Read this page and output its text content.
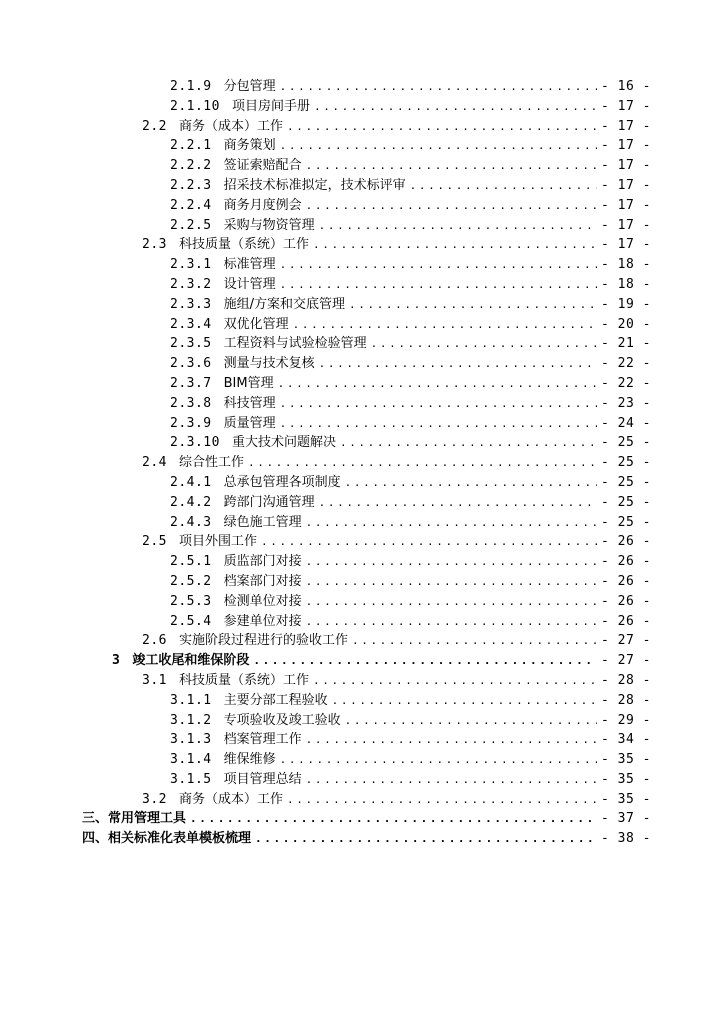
2.1.9 分包管理 .....	- 16 -
2.1.10 项目房间手册 .....	- 17 -
2.2 商务（成本）工作 .....	- 17 -
2.2.1 商务策划 .....	- 17 -
2.2.2 签证索赔配合 .....	- 17 -
2.2.3 招采技术标准拟定，技术标评审 .....	- 17 -
2.2.4 商务月度例会 .....	- 17 -
2.2.5 采购与物资管理 .....	- 17 -
2.3 科技质量（系统）工作 .....	- 17 -
2.3.1 标准管理 .....	- 18 -
2.3.2 设计管理 .....	- 18 -
2.3.3 施组/方案和交底管理 .....	- 19 -
2.3.4 双优化管理 .....	- 20 -
2.3.5 工程资料与试验检验管理 .....	- 21 -
2.3.6 测量与技术复核 .....	- 22 -
2.3.7 BIM管理 .....	- 22 -
2.3.8 科技管理 .....	- 23 -
2.3.9 质量管理 .....	- 24 -
2.3.10 重大技术问题解决 .....	- 25 -
2.4 综合性工作 .....	- 25 -
2.4.1 总承包管理各项制度 .....	- 25 -
2.4.2 跨部门沟通管理 .....	- 25 -
2.4.3 绿色施工管理 .....	- 25 -
2.5 项目外围工作 .....	- 26 -
2.5.1 质监部门对接 .....	- 26 -
2.5.2 档案部门对接 .....	- 26 -
2.5.3 检测单位对接 .....	- 26 -
2.5.4 参建单位对接 .....	- 26 -
2.6 实施阶段过程进行的验收工作 .....	- 27 -
3 竣工收尾和维保阶段 .....	- 27 -
3.1 科技质量（系统）工作 .....	- 28 -
3.1.1 主要分部工程验收 .....	- 28 -
3.1.2 专项验收及竣工验收 .....	- 29 -
3.1.3 档案管理工作 .....	- 34 -
3.1.4 维保维修 .....	- 35 -
3.1.5 项目管理总结 .....	- 35 -
3.2 商务（成本）工作 .....	- 35 -
三、 常用管理工具 .....	- 37 -
四、 相关标准化表单模板梳理 .....	- 38 -
